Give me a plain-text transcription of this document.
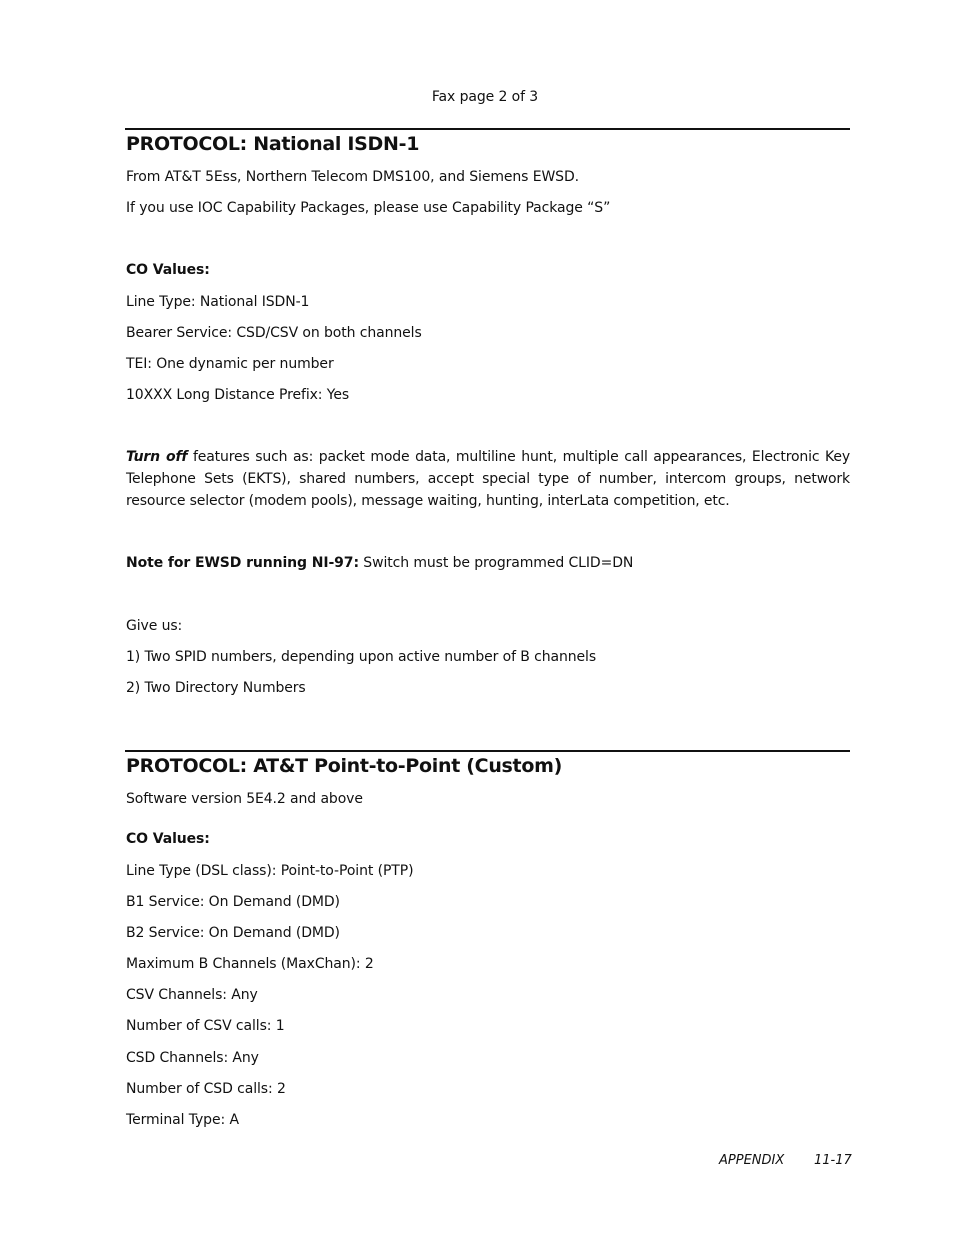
Fax page 2 of 3
PROTOCOL: National ISDN-1
From AT&T 5Ess, Northern Telecom DMS100, and Siemens EWSD.
If you use IOC Capability Packages, please use Capability Package “S”
CO Values:
Line Type: National ISDN-1
Bearer Service: CSD/CSV on both channels
TEI: One dynamic per number
10XXX Long Distance Prefix: Yes
Turn off features such as: packet mode data, multiline hunt, multiple call appearances, Electronic Key Telephone Sets (EKTS), shared numbers, accept special type of number, intercom groups, network resource selector (modem pools), message waiting, hunting, interLata competition, etc.
Note for EWSD running NI-97: Switch must be programmed CLID=DN
Give us:
1) Two SPID numbers, depending upon active number of B channels
2) Two Directory Numbers
PROTOCOL: AT&T Point-to-Point (Custom)
Software version 5E4.2 and above
CO Values:
Line Type (DSL class): Point-to-Point (PTP)
B1 Service: On Demand (DMD)
B2 Service: On Demand (DMD)
Maximum B Channels (MaxChan): 2
CSV Channels: Any
Number of CSV calls: 1
CSD Channels: Any
Number of CSD calls: 2
Terminal Type: A
APPENDIX 11-17
